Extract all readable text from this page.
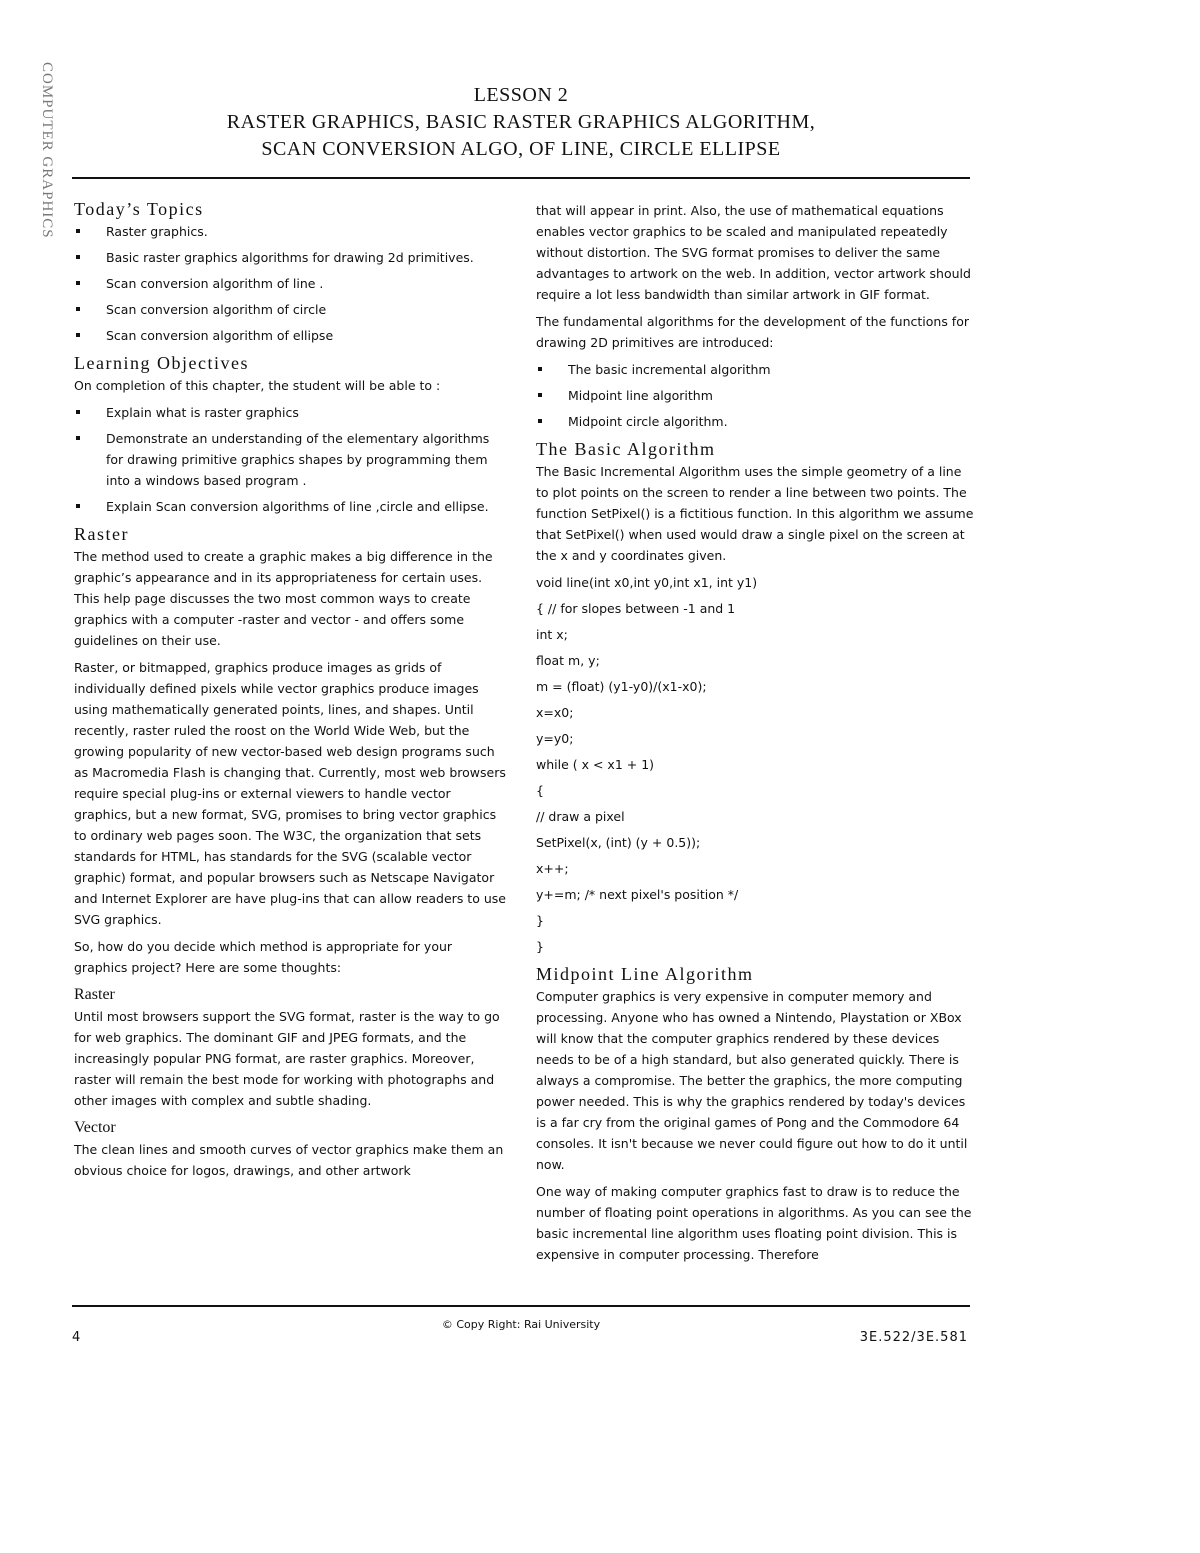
COMPUTER GRAPHICS	LESSON 2
RASTER GRAPHICS, BASIC RASTER GRAPHICS ALGORITHM,
SCAN CONVERSION ALGO, OF LINE, CIRCLE ELLIPSE
Today’s Topics
Raster graphics.
Basic raster graphics algorithms for drawing 2d primitives.
Scan conversion algorithm of line .
Scan conversion algorithm of circle
Scan conversion algorithm of ellipse
Learning Objectives

On completion of this chapter, the student will be able to :

Explain what is raster graphics
Demonstrate an understanding of the elementary algorithms for drawing primitive graphics shapes by programming them into a windows based program .
Explain Scan conversion algorithms of line ,circle and ellipse.
Raster

The method used to create a graphic makes a big difference in the graphic’s appearance and in its appropriateness for certain uses. This help page discusses the two most common ways to create graphics with a computer -raster and vector - and offers some guidelines on their use.

Raster, or bitmapped, graphics produce images as grids of individually defined pixels while vector graphics produce images using mathematically generated points, lines, and shapes. Until recently, raster ruled the roost on the World Wide Web, but the growing popularity of new vector-based web design programs such as Macromedia Flash is changing that. Currently, most web browsers require special plug-ins or external viewers to handle vector graphics, but a new format, SVG, promises to bring vector graphics to ordinary web pages soon. The W3C, the organization that sets standards for HTML, has standards for the SVG (scalable vector graphic) format, and popular browsers such as Netscape Navigator and Internet Explorer are have plug-ins that can allow readers to use SVG graphics.

So, how do you decide which method is appropriate for your graphics project? Here are some thoughts:

Raster

Until most browsers support the SVG format, raster is the way to go for web graphics. The dominant GIF and JPEG formats, and the increasingly popular PNG format, are raster graphics. Moreover, raster will remain the best mode for working with photographs and other images with complex and subtle shading.

Vector

The clean lines and smooth curves of vector graphics make them an obvious choice for logos, drawings, and other artwork

that will appear in print. Also, the use of mathematical equations enables vector graphics to be scaled and manipulated repeatedly without distortion. The SVG format promises to deliver the same advantages to artwork on the web. In addition, vector artwork should require a lot less bandwidth than similar artwork in GIF format.

The fundamental algorithms for the development of the functions for drawing 2D primitives are introduced:

The basic incremental algorithm
Midpoint line algorithm
Midpoint circle algorithm.
The Basic Algorithm

The Basic Incremental Algorithm uses the simple geometry of a line to plot points on the screen to render a line between two points. The function SetPixel() is a fictitious function. In this algorithm we assume that SetPixel() when used would draw a single pixel on the screen at the x and y coordinates given.

void line(int x0,int y0,int x1, int y1)

{ // for slopes between -1 and 1

int x;

float m, y;

m = (float) (y1-y0)/(x1-x0);

x=x0;

y=y0;

while ( x < x1 + 1)

{

// draw a pixel

SetPixel(x, (int) (y + 0.5));

x++;

y+=m; /* next pixel's position */

}

}

Midpoint Line Algorithm

Computer graphics is very expensive in computer memory and processing. Anyone who has owned a Nintendo, Playstation or XBox will know that the computer graphics rendered by these devices needs to be of a high standard, but also generated quickly. There is always a compromise. The better the graphics, the more computing power needed. This is why the graphics rendered by today's devices is a far cry from the original games of Pong and the Commodore 64 consoles. It isn't because we never could figure out how to do it until now.

One way of making computer graphics fast to draw is to reduce the number of floating point operations in algorithms. As you can see the basic incremental line algorithm uses floating point division. This is expensive in computer processing. Therefore

© Copy Right: Rai University
4	3E.522/3E.581
